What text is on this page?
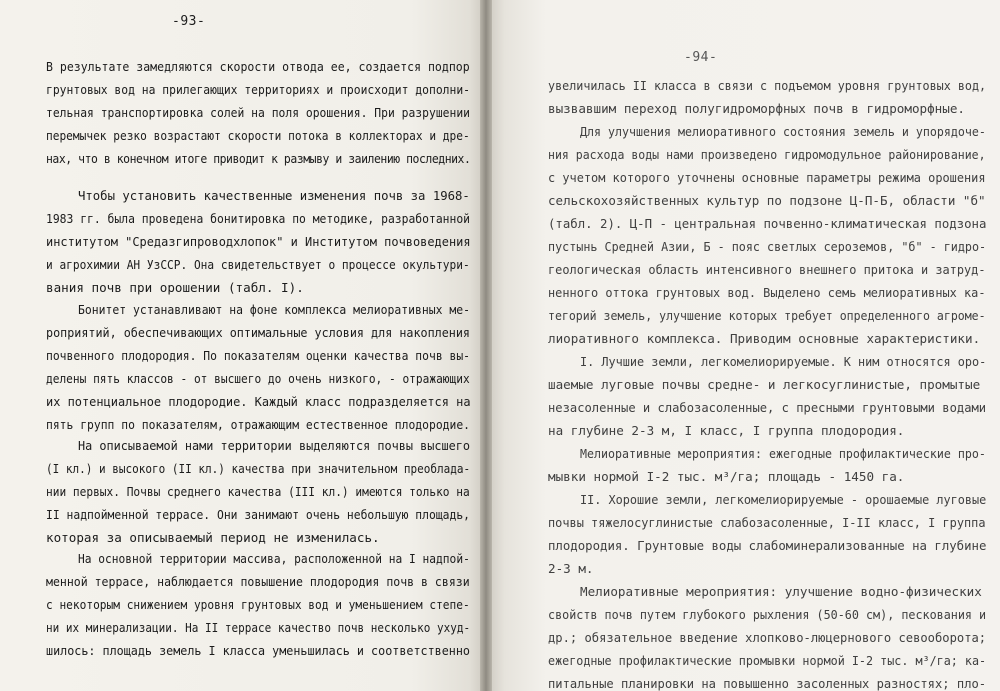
-93-
В результате замедляются скорости отвода ее, создается подпор
грунтовых вод на прилегающих территориях и происходит дополни-
тельная транспортировка солей на поля орошения. При разрушении
перемычек резко возрастают скорости потока в коллекторах и дре-
нах, что в конечном итоге приводит к размыву и заилению последних.
Чтобы установить качественные изменения почв за 1968-
1983 гг. была проведена бонитировка по методике, разработанной
институтом "Средазгипроводхлопок" и Институтом почвоведения
и агрохимии АН УзССР. Она свидетельствует о процессе окультури-
вания почв при орошении (табл. I).
Бонитет устанавливают на фоне комплекса мелиоративных ме-
роприятий, обеспечивающих оптимальные условия для накопления
почвенного плодородия. По показателям оценки качества почв вы-
делены пять классов - от высшего до очень низкого, - отражающих
их потенциальное плодородие. Каждый класс подразделяется на
пять групп по показателям, отражающим естественное плодородие.
На описываемой нами территории выделяются почвы высшего
(I кл.) и высокого (II кл.) качества при значительном преоблада-
нии первых. Почвы среднего качества (III кл.) имеются только на
II надпойменной террасе. Они занимают очень небольшую площадь,
которая за описываемый период не изменилась.
На основной территории массива, расположенной на I надпой-
менной террасе, наблюдается повышение плодородия почв в связи
с некоторым снижением уровня грунтовых вод и уменьшением степе-
ни их минерализации. На II террасе качество почв несколько ухуд-
шилось: площадь земель I класса уменьшилась и соответственно
-94-
увеличилась II класса в связи с подъемом уровня грунтовых вод,
вызвавшим переход полугидроморфных почв в гидроморфные.
Для улучшения мелиоративного состояния земель и упорядоче-
ния расхода воды нами произведено гидромодульное районирование,
с учетом которого уточнены основные параметры режима орошения
сельскохозяйственных культур по подзоне Ц-П-Б, области "б"
(табл. 2). Ц-П - центральная почвенно-климатическая подзона
пустынь Средней Азии, Б - пояс светлых сероземов, "б" - гидро-
геологическая область интенсивного внешнего притока и затруд-
ненного оттока грунтовых вод. Выделено семь мелиоративных ка-
тегорий земель, улучшение которых требует определенного агроме-
лиоративного комплекса. Приводим основные характеристики.
I. Лучшие земли, легкомелиорируемые. К ним относятся оро-
шаемые луговые почвы средне- и легкосуглинистые, промытые
незасоленные и слабозасоленные, с пресными грунтовыми водами
на глубине 2-3 м, I класс, I группа плодородия.
Мелиоративные мероприятия: ежегодные профилактические про-
мывки нормой I-2 тыс. м³/га; площадь - 1450 га.
II. Хорошие земли, легкомелиорируемые - орошаемые луговые
почвы тяжелосуглинистые слабозасоленные, I-II класс, I группа
плодородия. Грунтовые воды слабоминерализованные на глубине
2-3 м.
Мелиоративные мероприятия: улучшение водно-физических
свойств почв путем глубокого рыхления (50-60 см), пескования и
др.; обязательное введение хлопково-люцернового севооборота;
ежегодные профилактические промывки нормой I-2 тыс. м³/га; ка-
питальные планировки на повышенно засоленных разностях; пло-
